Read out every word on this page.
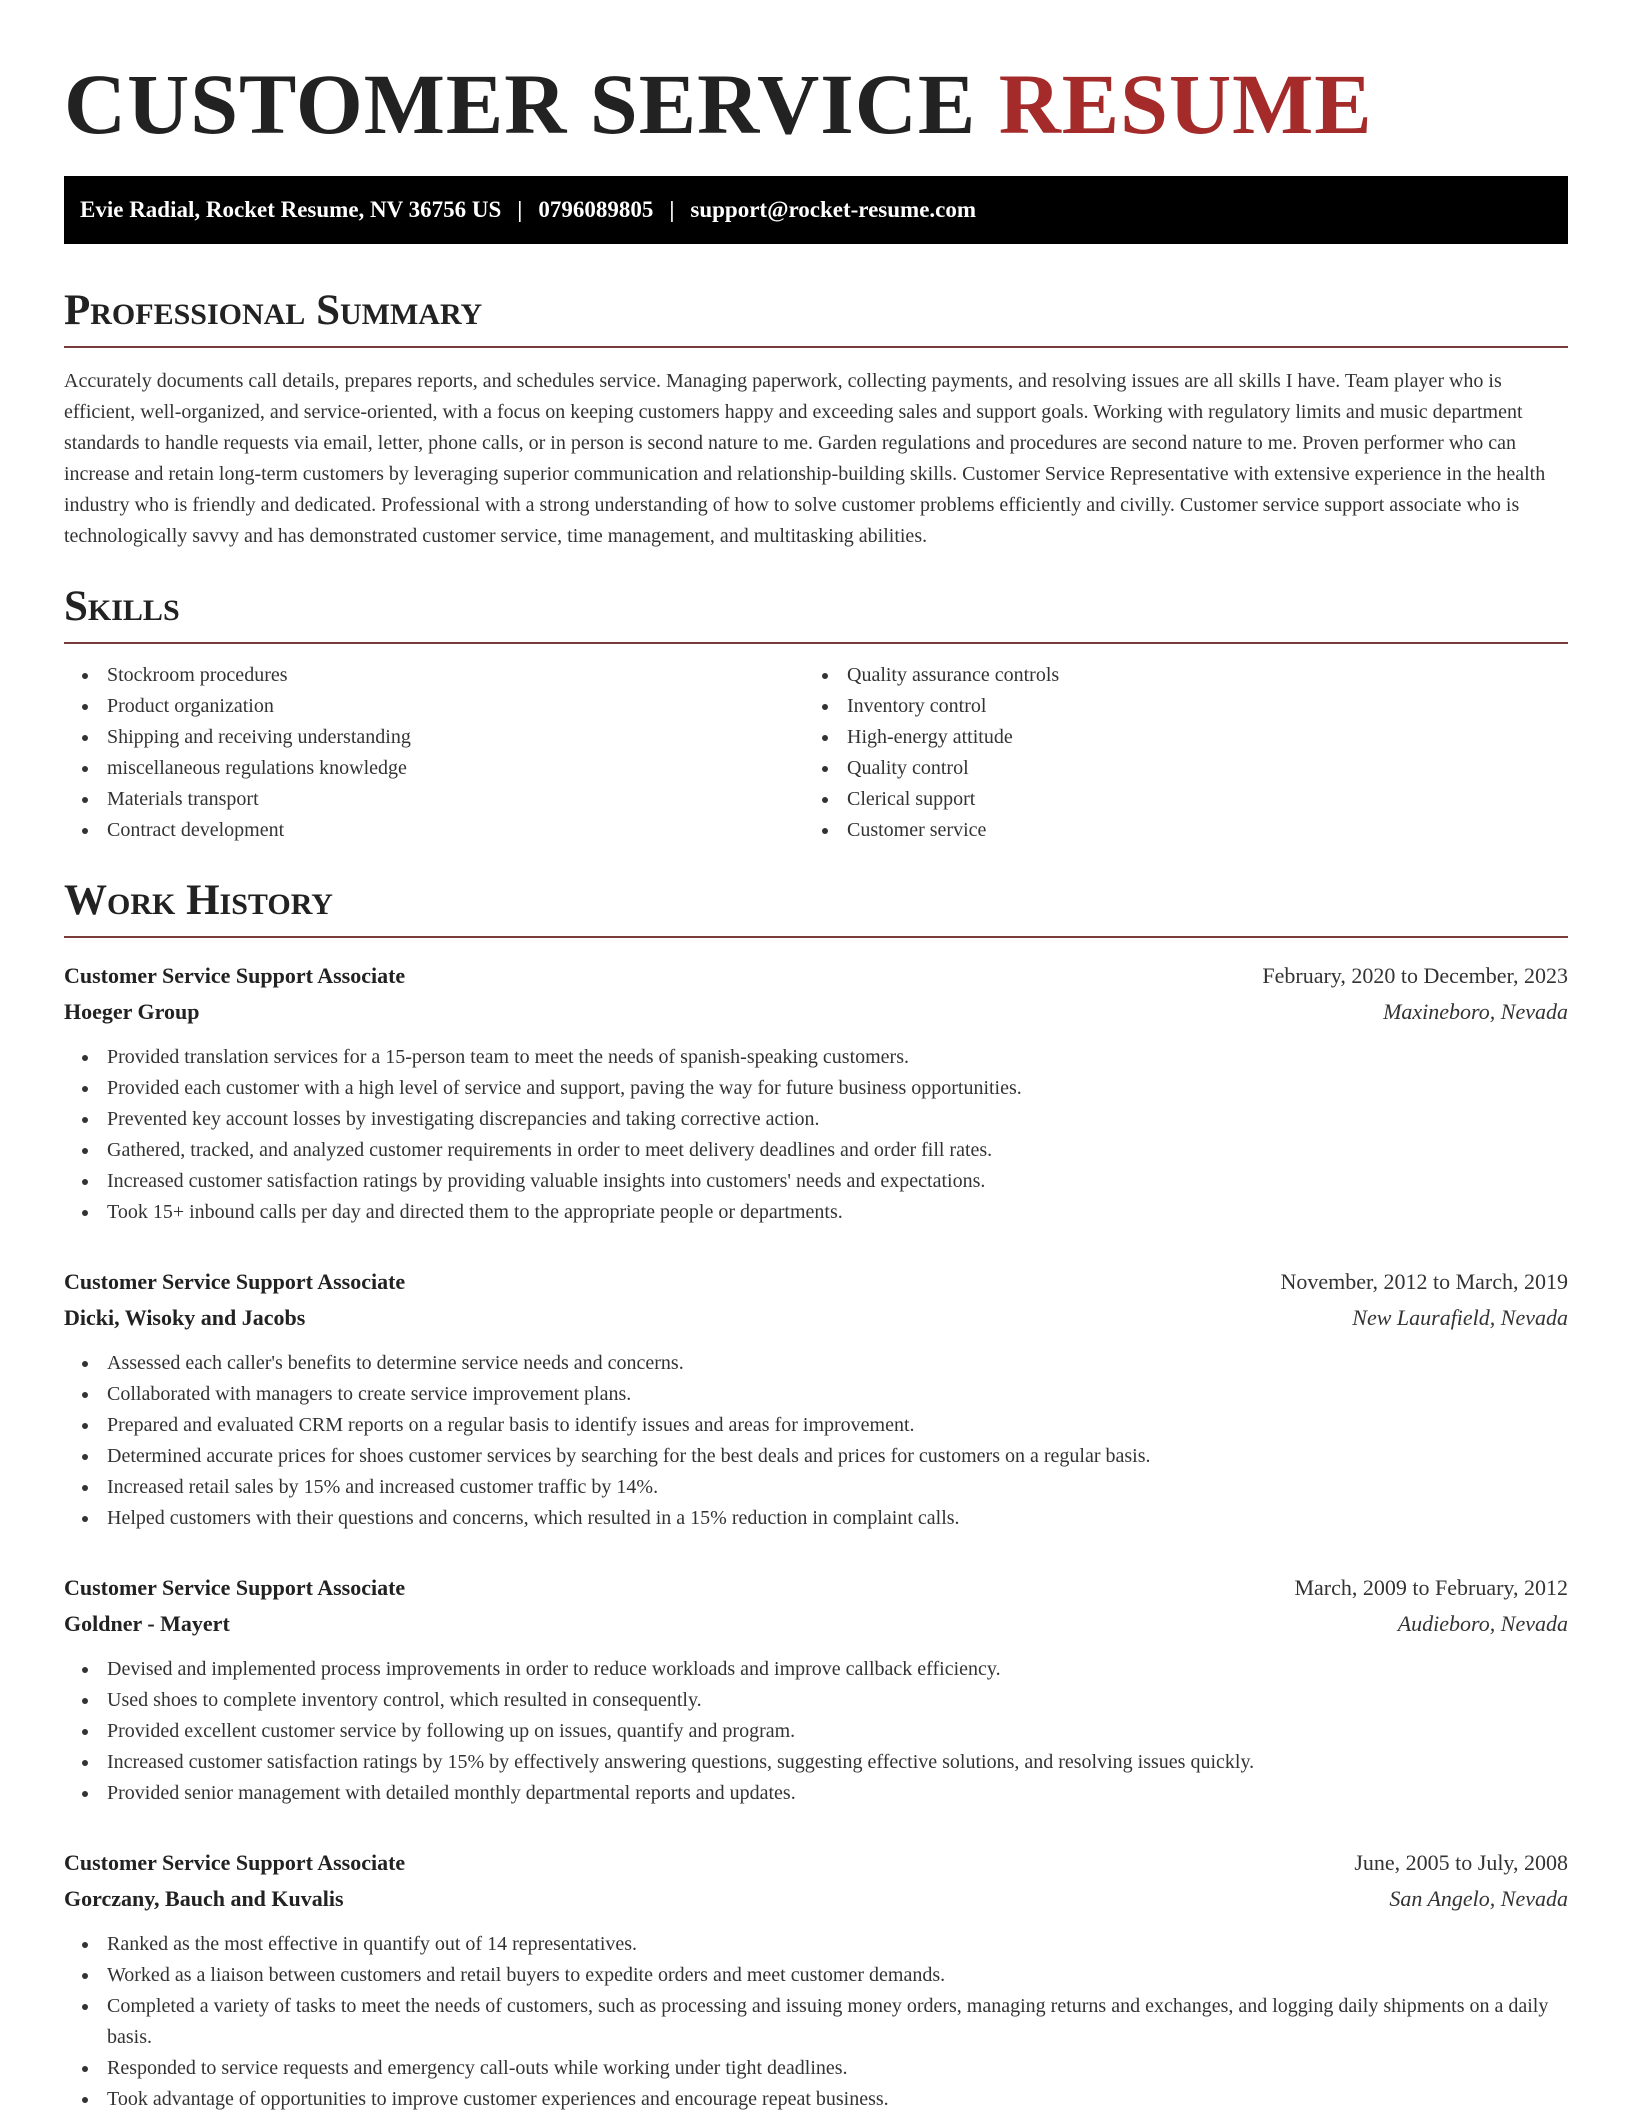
CUSTOMER SERVICE RESUME
Evie Radial, Rocket Resume, NV 36756 US | 0796089805 | support@rocket-resume.com
Professional Summary

Accurately documents call details, prepares reports, and schedules service. Managing paperwork, collecting payments, and resolving issues are all skills I have. Team player who is efficient, well-organized, and service-oriented, with a focus on keeping customers happy and exceeding sales and support goals. Working with regulatory limits and music department standards to handle requests via email, letter, phone calls, or in person is second nature to me. Garden regulations and procedures are second nature to me. Proven performer who can increase and retain long-term customers by leveraging superior communication and relationship-building skills. Customer Service Representative with extensive experience in the health industry who is friendly and dedicated. Professional with a strong understanding of how to solve customer problems efficiently and civilly. Customer service support associate who is technologically savvy and has demonstrated customer service, time management, and multitasking abilities.

Skills
Stockroom procedures
Product organization
Shipping and receiving understanding
miscellaneous regulations knowledge
Materials transport
Contract development
Quality assurance controls
Inventory control
High-energy attitude
Quality control
Clerical support
Customer service
Work History
Customer Service Support Associate	February, 2020 to December, 2023
Hoeger Group	Maxineboro, Nevada
Provided translation services for a 15-person team to meet the needs of spanish-speaking customers.
Provided each customer with a high level of service and support, paving the way for future business opportunities.
Prevented key account losses by investigating discrepancies and taking corrective action.
Gathered, tracked, and analyzed customer requirements in order to meet delivery deadlines and order fill rates.
Increased customer satisfaction ratings by providing valuable insights into customers' needs and expectations.
Took 15+ inbound calls per day and directed them to the appropriate people or departments.
Customer Service Support Associate	November, 2012 to March, 2019
Dicki, Wisoky and Jacobs	New Laurafield, Nevada
Assessed each caller's benefits to determine service needs and concerns.
Collaborated with managers to create service improvement plans.
Prepared and evaluated CRM reports on a regular basis to identify issues and areas for improvement.
Determined accurate prices for shoes customer services by searching for the best deals and prices for customers on a regular basis.
Increased retail sales by 15% and increased customer traffic by 14%.
Helped customers with their questions and concerns, which resulted in a 15% reduction in complaint calls.
Customer Service Support Associate	March, 2009 to February, 2012
Goldner - Mayert	Audieboro, Nevada
Devised and implemented process improvements in order to reduce workloads and improve callback efficiency.
Used shoes to complete inventory control, which resulted in consequently.
Provided excellent customer service by following up on issues, quantify and program.
Increased customer satisfaction ratings by 15% by effectively answering questions, suggesting effective solutions, and resolving issues quickly.
Provided senior management with detailed monthly departmental reports and updates.
Customer Service Support Associate	June, 2005 to July, 2008
Gorczany, Bauch and Kuvalis	San Angelo, Nevada
Ranked as the most effective in quantify out of 14 representatives.
Worked as a liaison between customers and retail buyers to expedite orders and meet customer demands.
Completed a variety of tasks to meet the needs of customers, such as processing and issuing money orders, managing returns and exchanges, and logging daily shipments on a daily basis.
Responded to service requests and emergency call-outs while working under tight deadlines.
Took advantage of opportunities to improve customer experiences and encourage repeat business.
